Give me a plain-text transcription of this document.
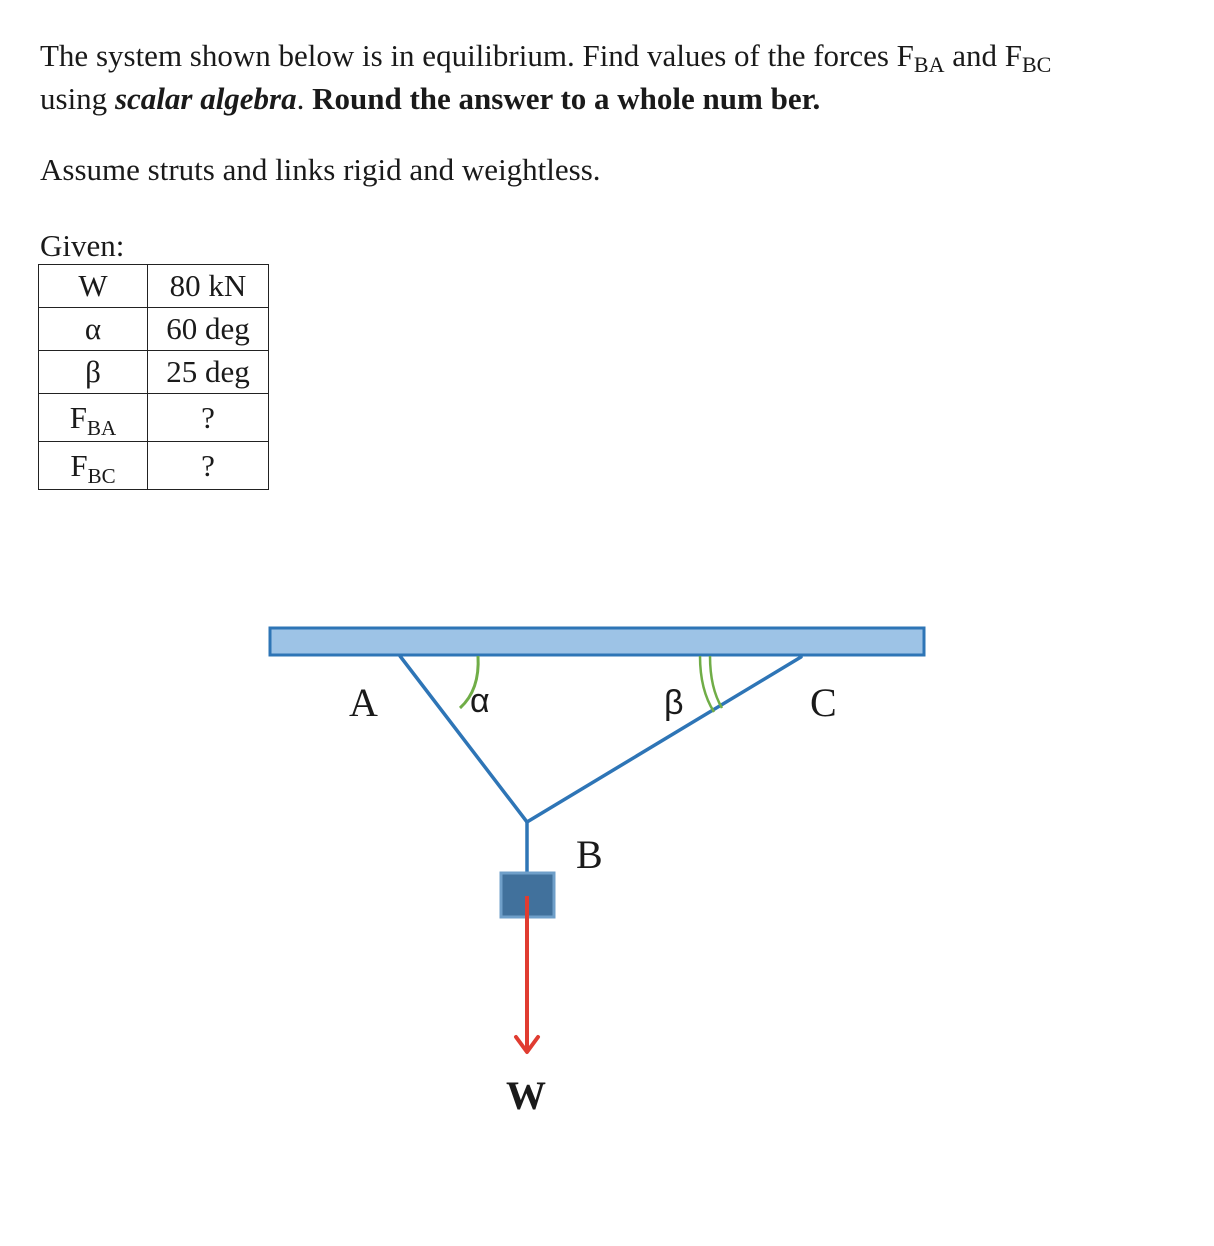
The system shown below is in equilibrium. Find values of the forces FBA and FBC
using scalar algebra. Round the answer to a whole num ber.
Assume struts and links rigid and weightless.
Given:
W	80 kN
α	60 deg
β	25 deg
$F_{BA}$	?
$F_{BC}$	?
A	α	β	C
B
W
